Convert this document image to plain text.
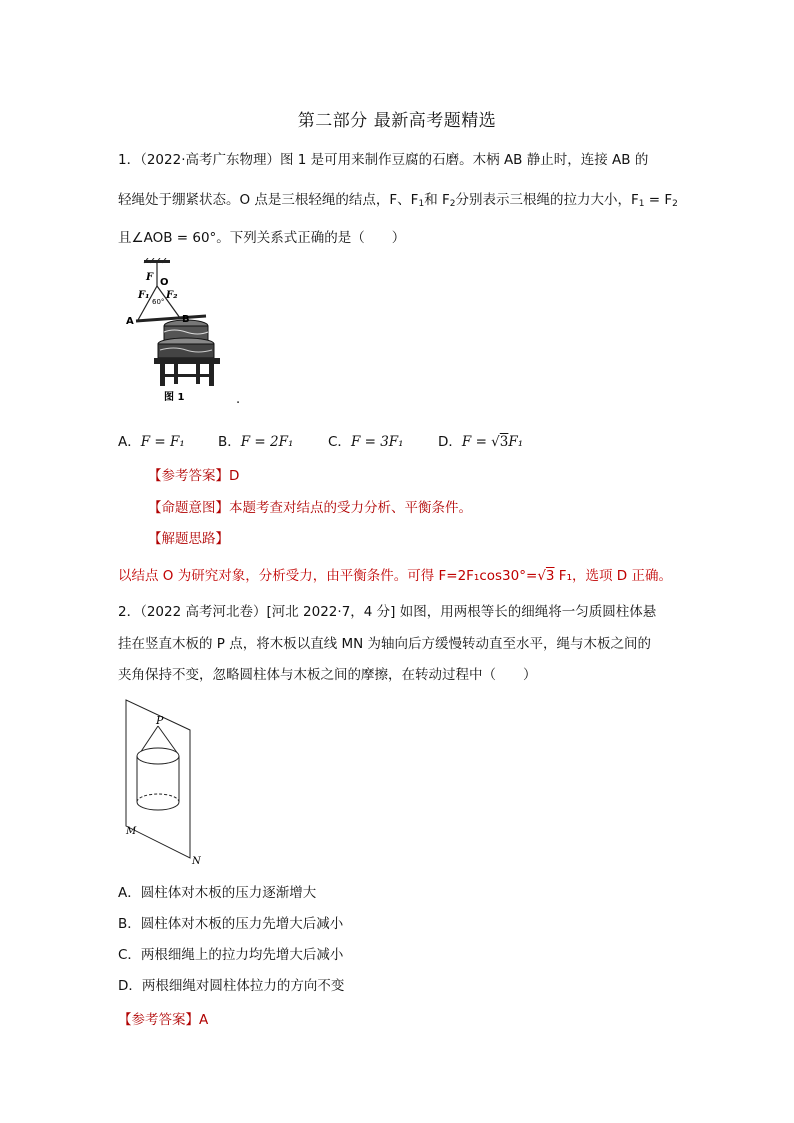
第二部分 最新高考题精选
1．（2022·高考广东物理）图 1 是可用来制作豆腐的石磨。木柄 AB 静止时，连接 AB 的
轻绳处于绷紧状态。O 点是三根轻绳的结点，F、$F_1$和 $F_2$分别表示三根绳的拉力大小，$F_1 = F_2$
且∠AOB = 60°。下列关系式正确的是（　　）
F O
F₁ F₂
60°
A	B
图 1	.
A．F = F₁ B．F = 2F₁	C．F = 3F₁	D．F = √3F₁
【参考答案】D
【命题意图】本题考查对结点的受力分析、平衡条件。
【解题思路】
以结点 O 为研究对象，分析受力，由平衡条件。可得 F=2F₁cos30°=√3 F₁，选项 D 正确。
2．（2022 高考河北卷）[河北 2022·7，4 分] 如图，用两根等长的细绳将一匀质圆柱体悬
挂在竖直木板的 P 点，将木板以直线 MN 为轴向后方缓慢转动直至水平，绳与木板之间的
夹角保持不变，忽略圆柱体与木板之间的摩擦，在转动过程中（　　）
P
M
N
A．圆柱体对木板的压力逐渐增大
B．圆柱体对木板的压力先增大后减小
C．两根细绳上的拉力均先增大后减小
D．两根细绳对圆柱体拉力的方向不变
【参考答案】A
